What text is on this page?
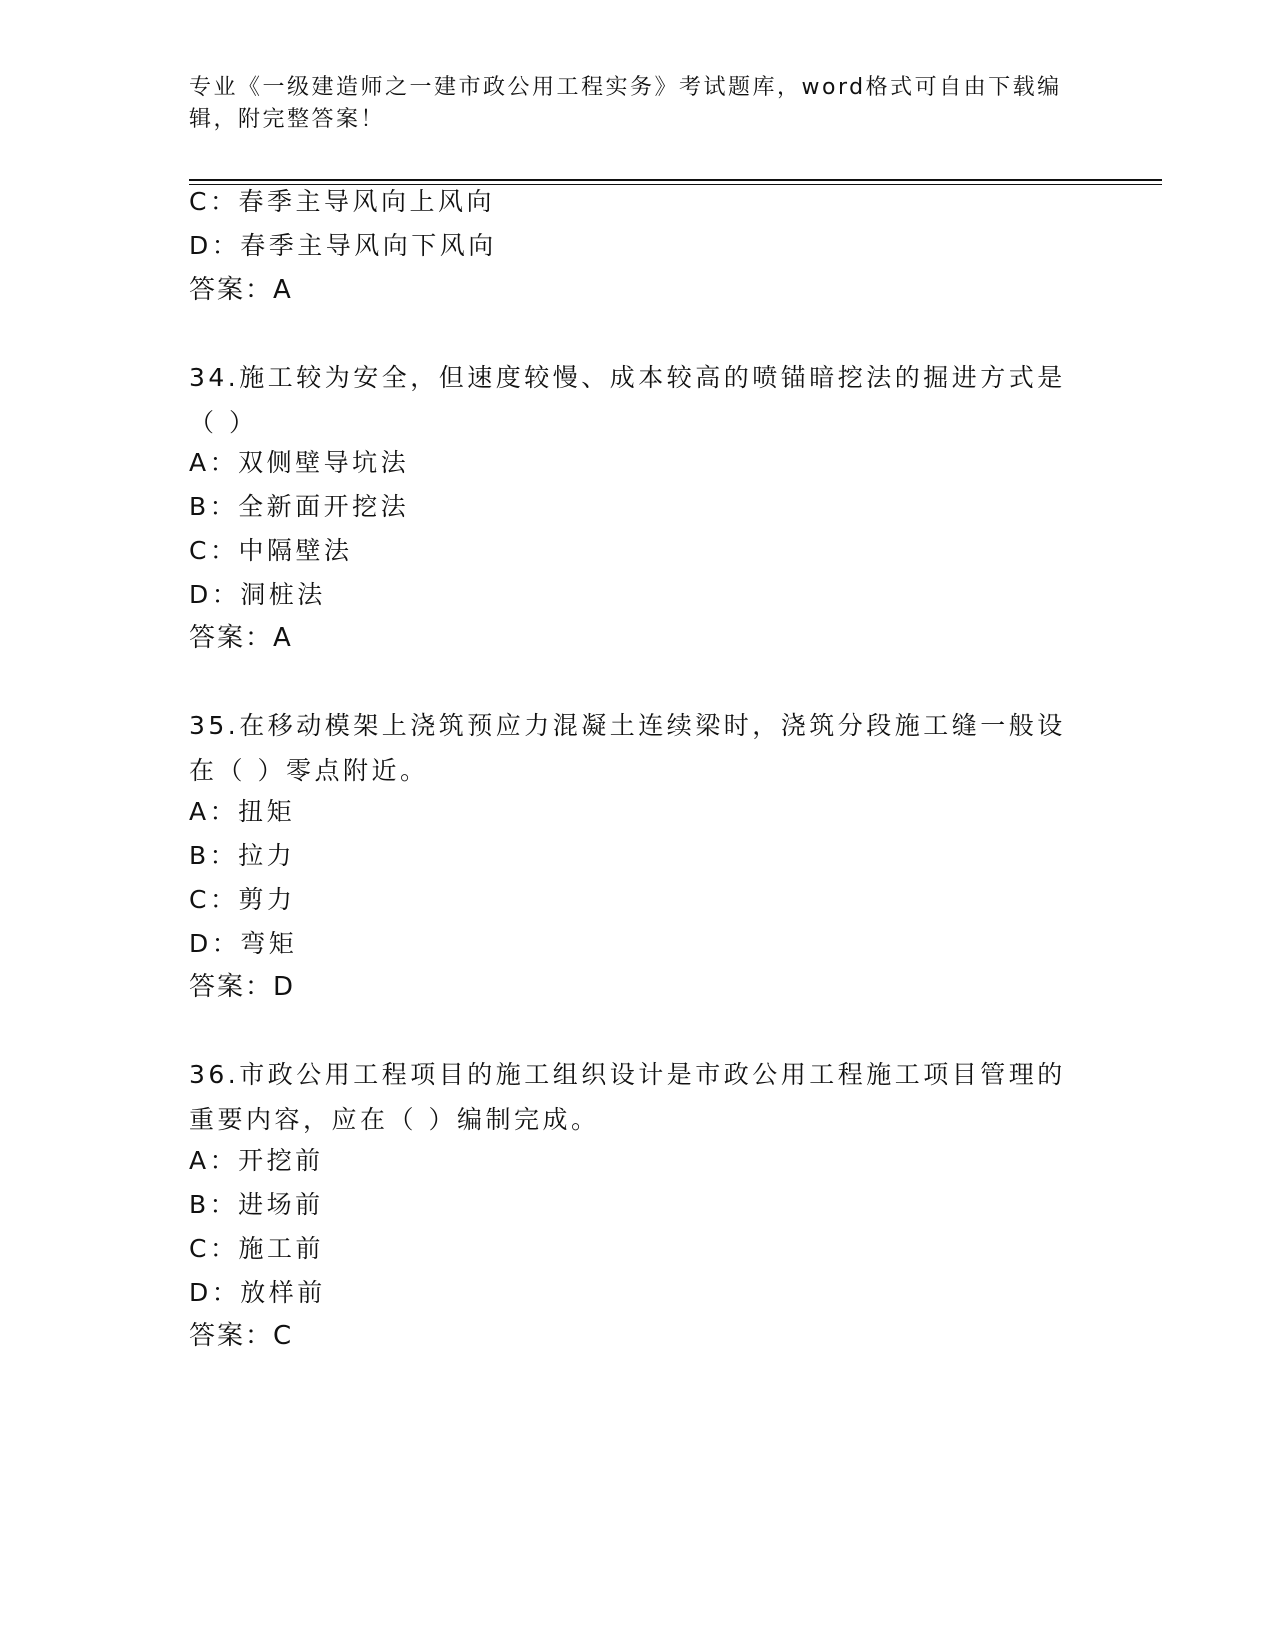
专业《一级建造师之一建市政公用工程实务》考试题库，word格式可自由下载编辑，附完整答案！
C：春季主导风向上风向
D：春季主导风向下风向
答案：A
34.施工较为安全，但速度较慢、成本较高的喷锚暗挖法的掘进方式是（ ）
A：双侧壁导坑法
B：全新面开挖法
C：中隔壁法
D：洞桩法
答案：A
35.在移动模架上浇筑预应力混凝土连续梁时，浇筑分段施工缝一般设在（ ）零点附近。
A：扭矩
B：拉力
C：剪力
D：弯矩
答案：D
36.市政公用工程项目的施工组织设计是市政公用工程施工项目管理的重要内容，应在（ ）编制完成。
A：开挖前
B：进场前
C：施工前
D：放样前
答案：C
